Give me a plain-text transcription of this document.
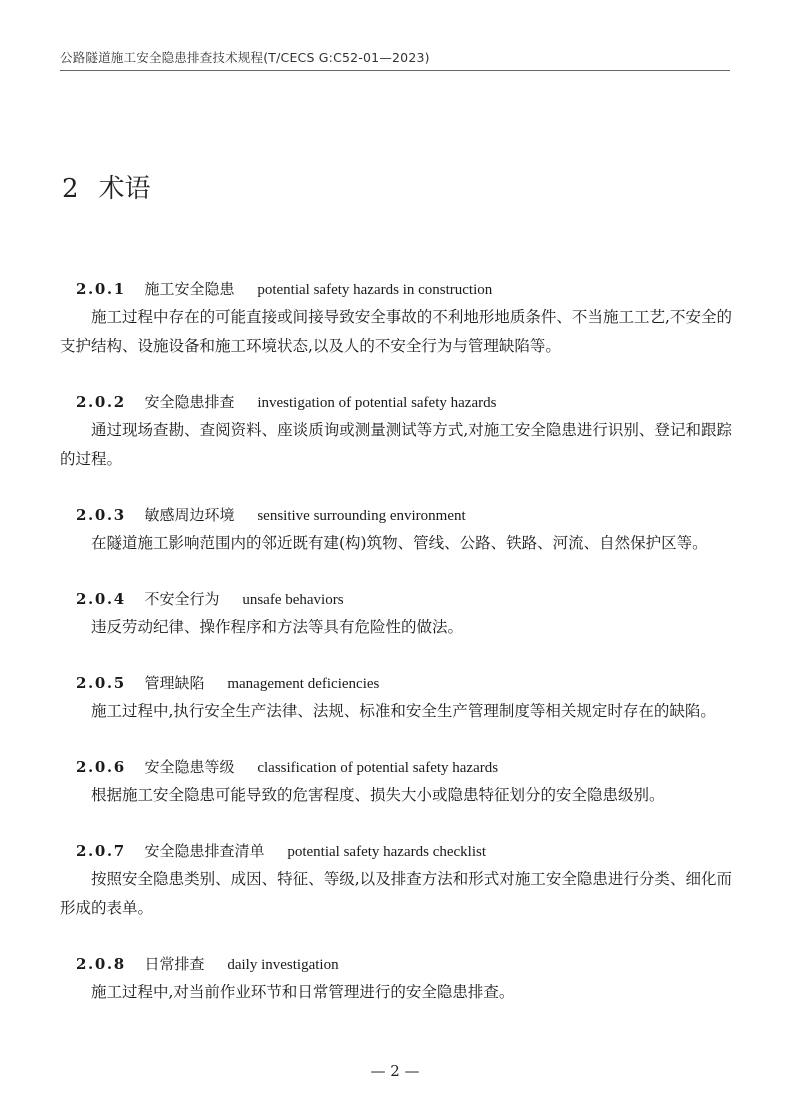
公路隧道施工安全隐患排查技术规程(T/CECS G:C52-01—2023)
2 术语
2.0.1 施工安全隐患 potential safety hazards in construction

施工过程中存在的可能直接或间接导致安全事故的不利地形地质条件、不当施工工艺,不安全的支护结构、设施设备和施工环境状态,以及人的不安全行为与管理缺陷等。

2.0.2 安全隐患排查 investigation of potential safety hazards

通过现场查勘、查阅资料、座谈质询或测量测试等方式,对施工安全隐患进行识别、登记和跟踪的过程。

2.0.3 敏感周边环境 sensitive surrounding environment

在隧道施工影响范围内的邻近既有建(构)筑物、管线、公路、铁路、河流、自然保护区等。

2.0.4 不安全行为 unsafe behaviors

违反劳动纪律、操作程序和方法等具有危险性的做法。

2.0.5 管理缺陷 management deficiencies

施工过程中,执行安全生产法律、法规、标准和安全生产管理制度等相关规定时存在的缺陷。

2.0.6 安全隐患等级 classification of potential safety hazards

根据施工安全隐患可能导致的危害程度、损失大小或隐患特征划分的安全隐患级别。

2.0.7 安全隐患排查清单 potential safety hazards checklist

按照安全隐患类别、成因、特征、等级,以及排查方法和形式对施工安全隐患进行分类、细化而形成的表单。

2.0.8 日常排查 daily investigation

施工过程中,对当前作业环节和日常管理进行的安全隐患排查。

— 2 —
